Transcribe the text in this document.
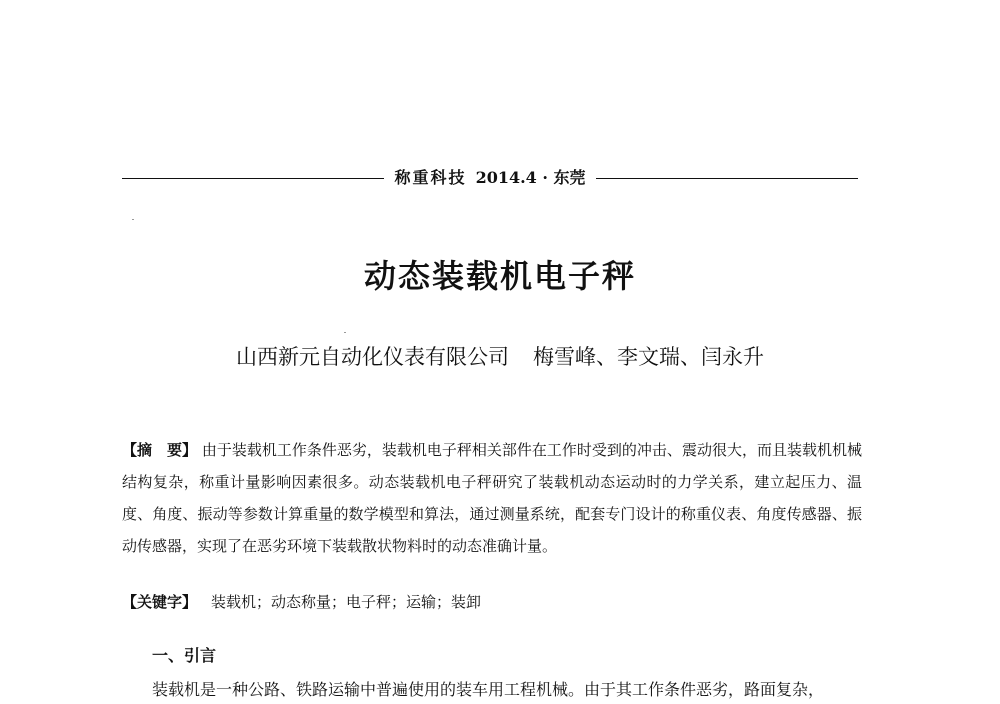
称重科技 2014.4 · 东莞
动态装载机电子秤
山西新元自动化仪表有限公司 梅雪峰、李文瑞、闫永升
【摘　要】 由于装载机工作条件恶劣，装载机电子秤相关部件在工作时受到的冲击、震动很大，而且装载机机械结构复杂，称重计量影响因素很多。动态装载机电子秤研究了装载机动态运动时的力学关系，建立起压力、温度、角度、振动等参数计算重量的数学模型和算法，通过测量系统，配套专门设计的称重仪表、角度传感器、振动传感器，实现了在恶劣环境下装载散状物料时的动态准确计量。
【关键字】 装载机；动态称量；电子秤；运输；装卸
一、引言
装载机是一种公路、铁路运输中普遍使用的装车用工程机械。由于其工作条件恶劣，路面复杂，
